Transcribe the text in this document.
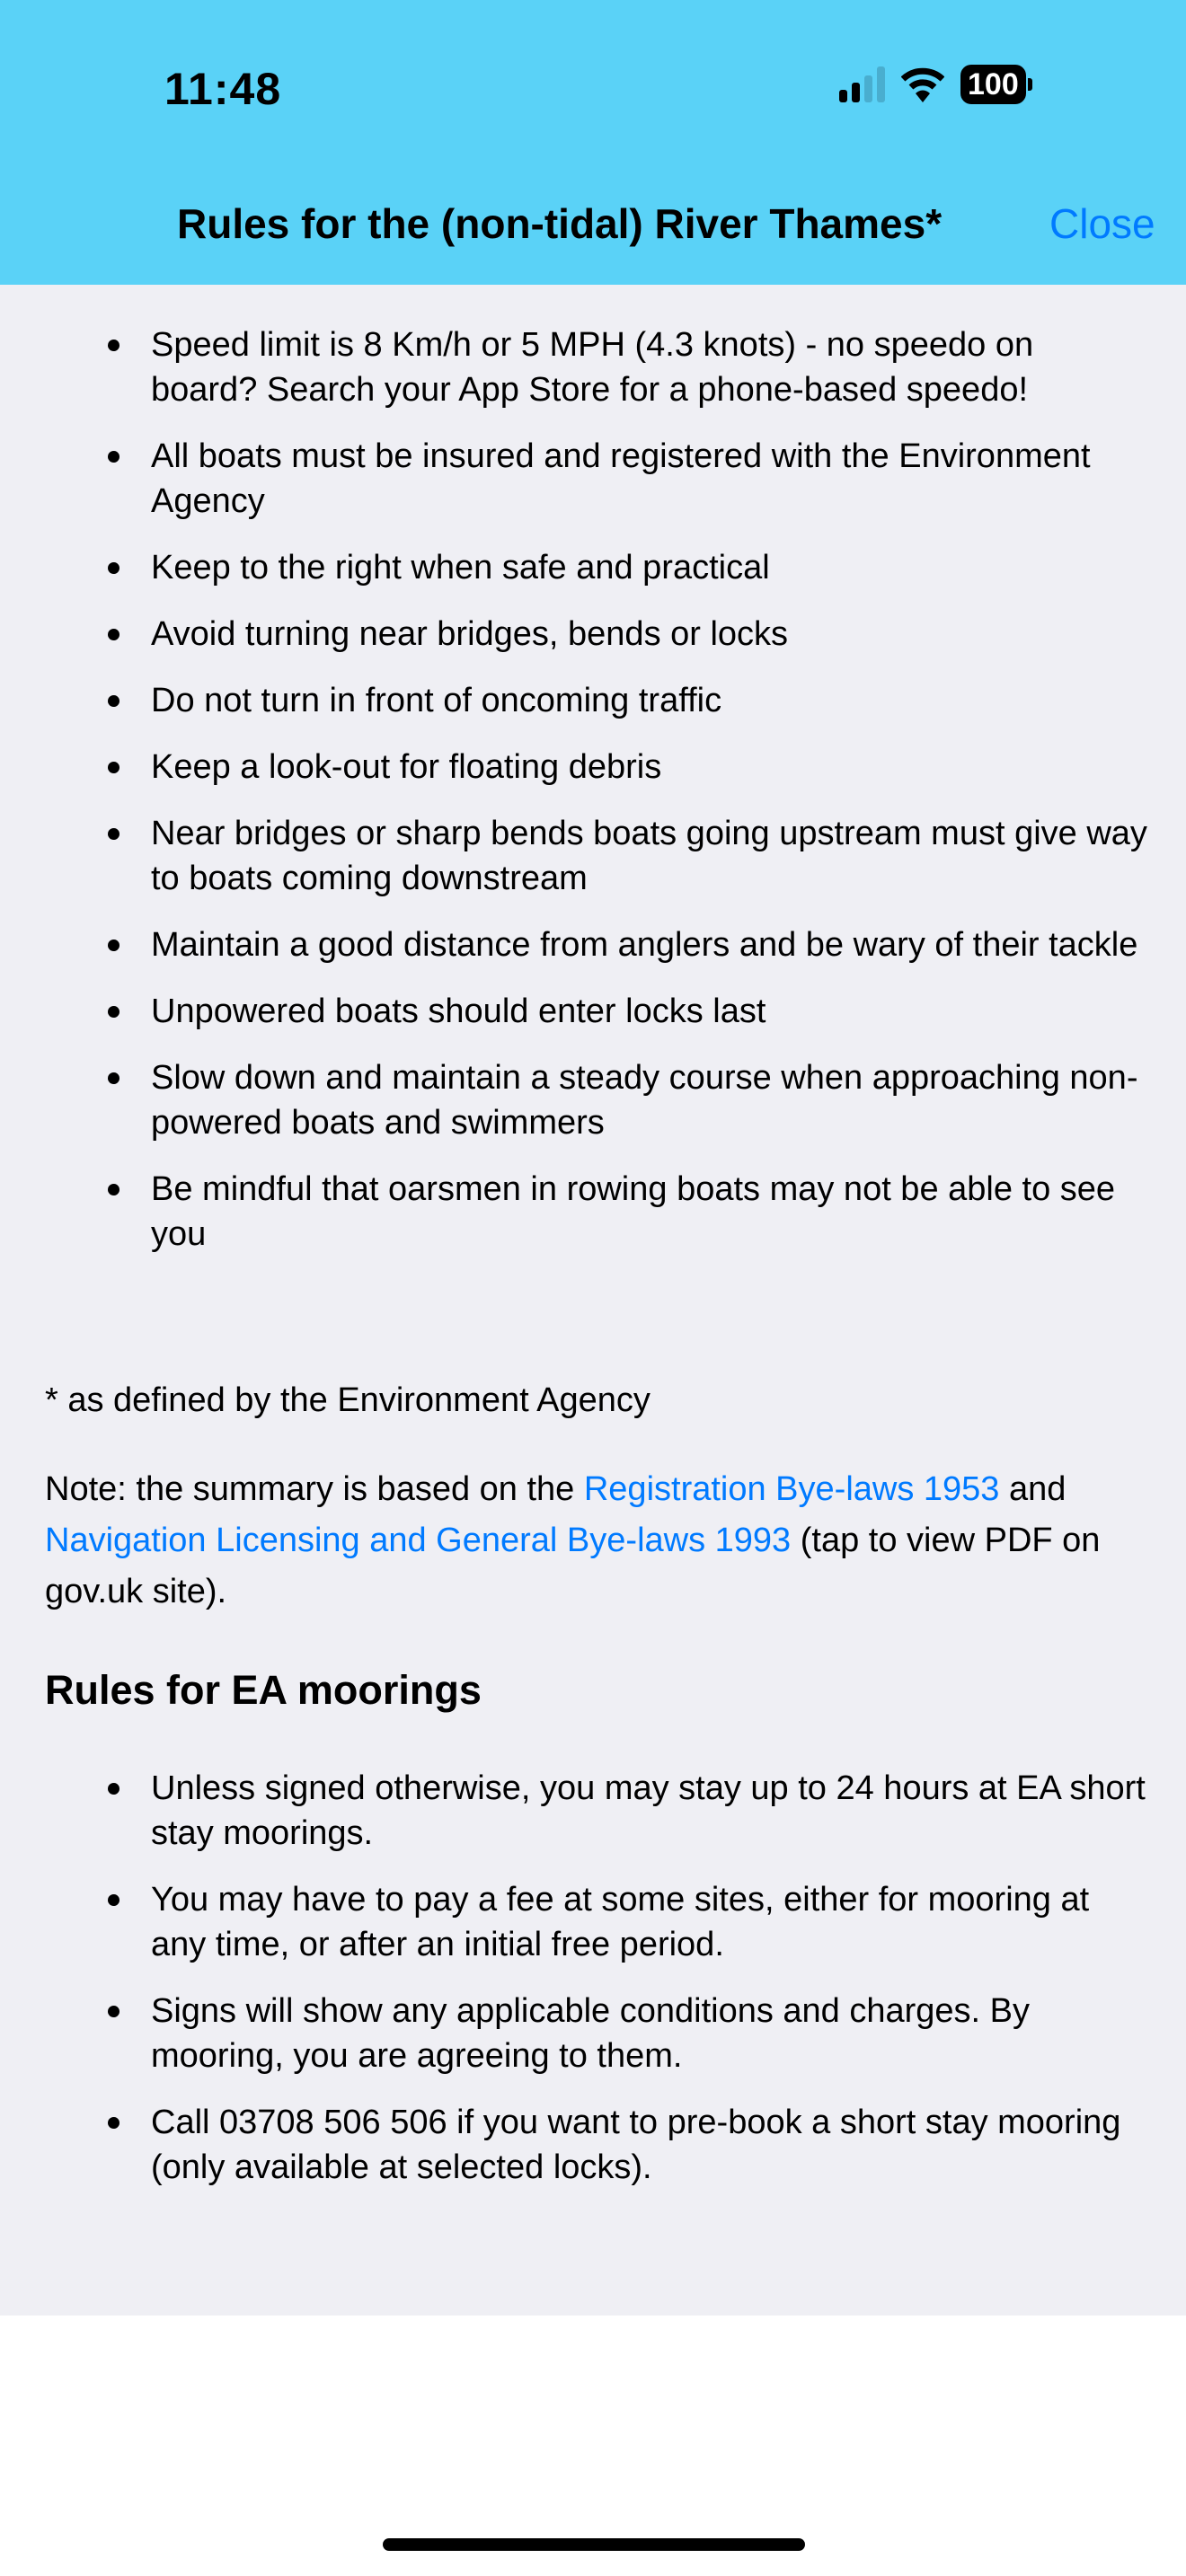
11:48	100
Rules for the (non-tidal) River Thames*	Close
Speed limit is 8 Km/h or 5 MPH (4.3 knots) - no speedo on board? Search your App Store for a phone-based speedo!
All boats must be insured and registered with the Environment Agency
Keep to the right when safe and practical
Avoid turning near bridges, bends or locks
Do not turn in front of oncoming traffic
Keep a look-out for floating debris
Near bridges or sharp bends boats going upstream must give way to boats coming downstream
Maintain a good distance from anglers and be wary of their tackle
Unpowered boats should enter locks last
Slow down and maintain a steady course when approaching non-powered boats and swimmers
Be mindful that oarsmen in rowing boats may not be able to see you
* as defined by the Environment Agency
Note: the summary is based on the Registration Bye-laws 1953 and Navigation Licensing and General Bye-laws 1993 (tap to view PDF on gov.uk site).
Rules for EA moorings
Unless signed otherwise, you may stay up to 24 hours at EA short stay moorings.
You may have to pay a fee at some sites, either for mooring at any time, or after an initial free period.
Signs will show any applicable conditions and charges. By mooring, you are agreeing to them.
Call 03708 506 506 if you want to pre-book a short stay mooring (only available at selected locks).
